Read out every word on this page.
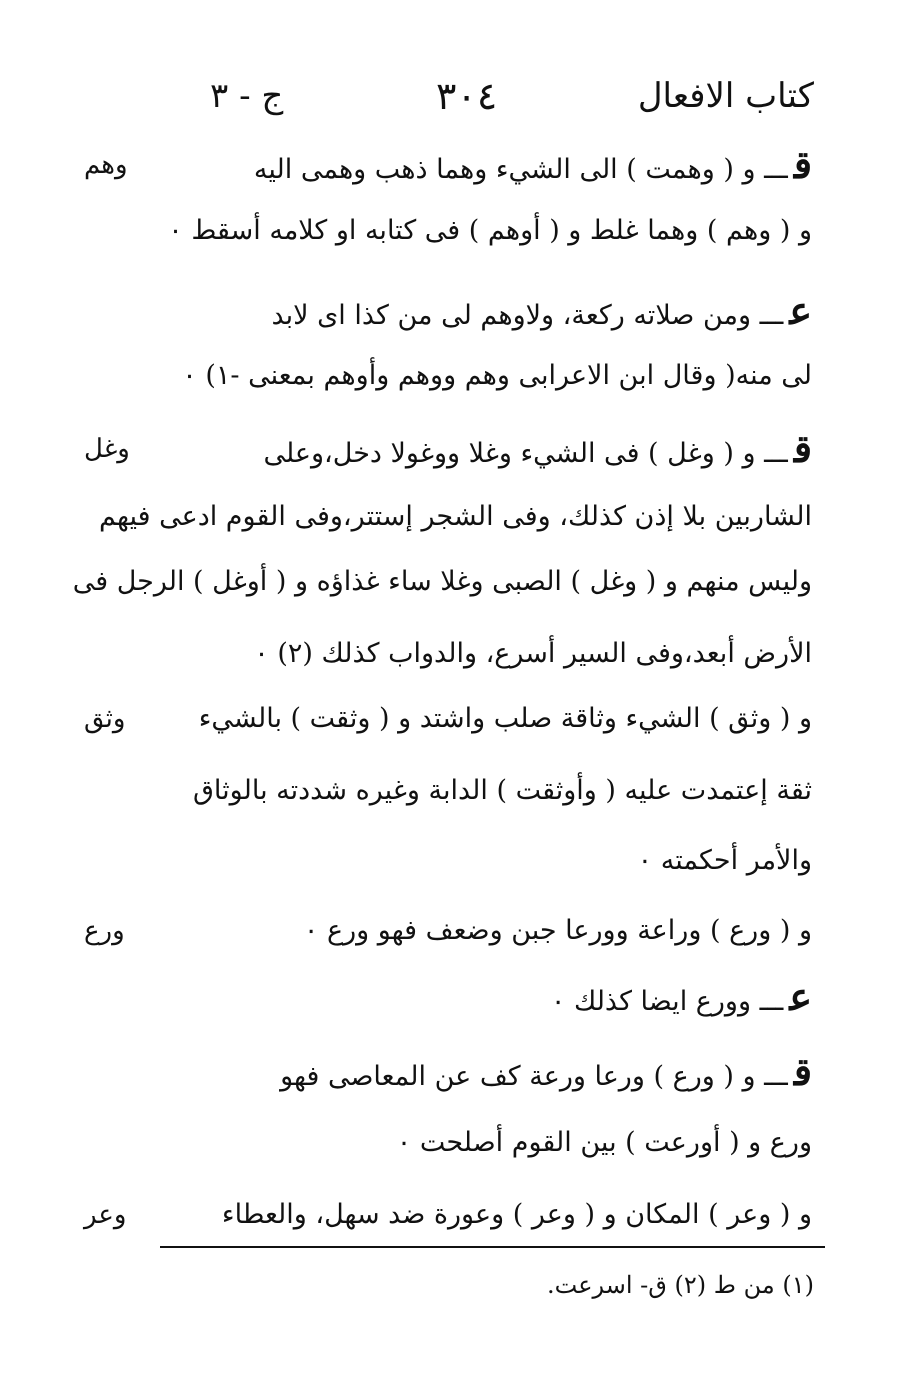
كتاب الافعال
٣٠٤
ج - ٣
وهم	قـــ و ( وهمت ) الى الشيء وهما ذهب وهمى اليه
و ( وهم ) وهما غلط و ( أوهم ) فى كتابه او كلامه أسقط ٠
عـــ ومن صلاته ركعة، ولاوهم لى من كذا اى لابد
لى منه( وقال ابن الاعرابى وهم ووهم وأوهم بمعنى -١) ٠
وغل	قـــ و ( وغل ) فى الشيء وغلا ووغولا دخل،وعلى
الشاربين بلا إذن كذلك، وفى الشجر إستتر،وفى القوم ادعى فيهم
وليس منهم و ( وغل ) الصبى وغلا ساء غذاؤه و ( أوغل ) الرجل فى
الأرض أبعد،وفى السير أسرع، والدواب كذلك (٢) ٠
وثق	و ( وثق ) الشيء وثاقة صلب واشتد و ( وثقت ) بالشيء
ثقة إعتمدت عليه ( وأوثقت ) الدابة وغيره شددته بالوثاق
والأمر أحكمته ٠
ورع	و ( ورع ) وراعة وورعا جبن وضعف فهو ورع ٠
عـــ وورع ايضا كذلك ٠
قـــ و ( ورع ) ورعا ورعة كف عن المعاصى فهو
ورع و ( أورعت ) بين القوم أصلحت ٠
وعر	و ( وعر ) المكان و ( وعر ) وعورة ضد سهل، والعطاء
(١) من ط (٢) ق- اسرعت.
